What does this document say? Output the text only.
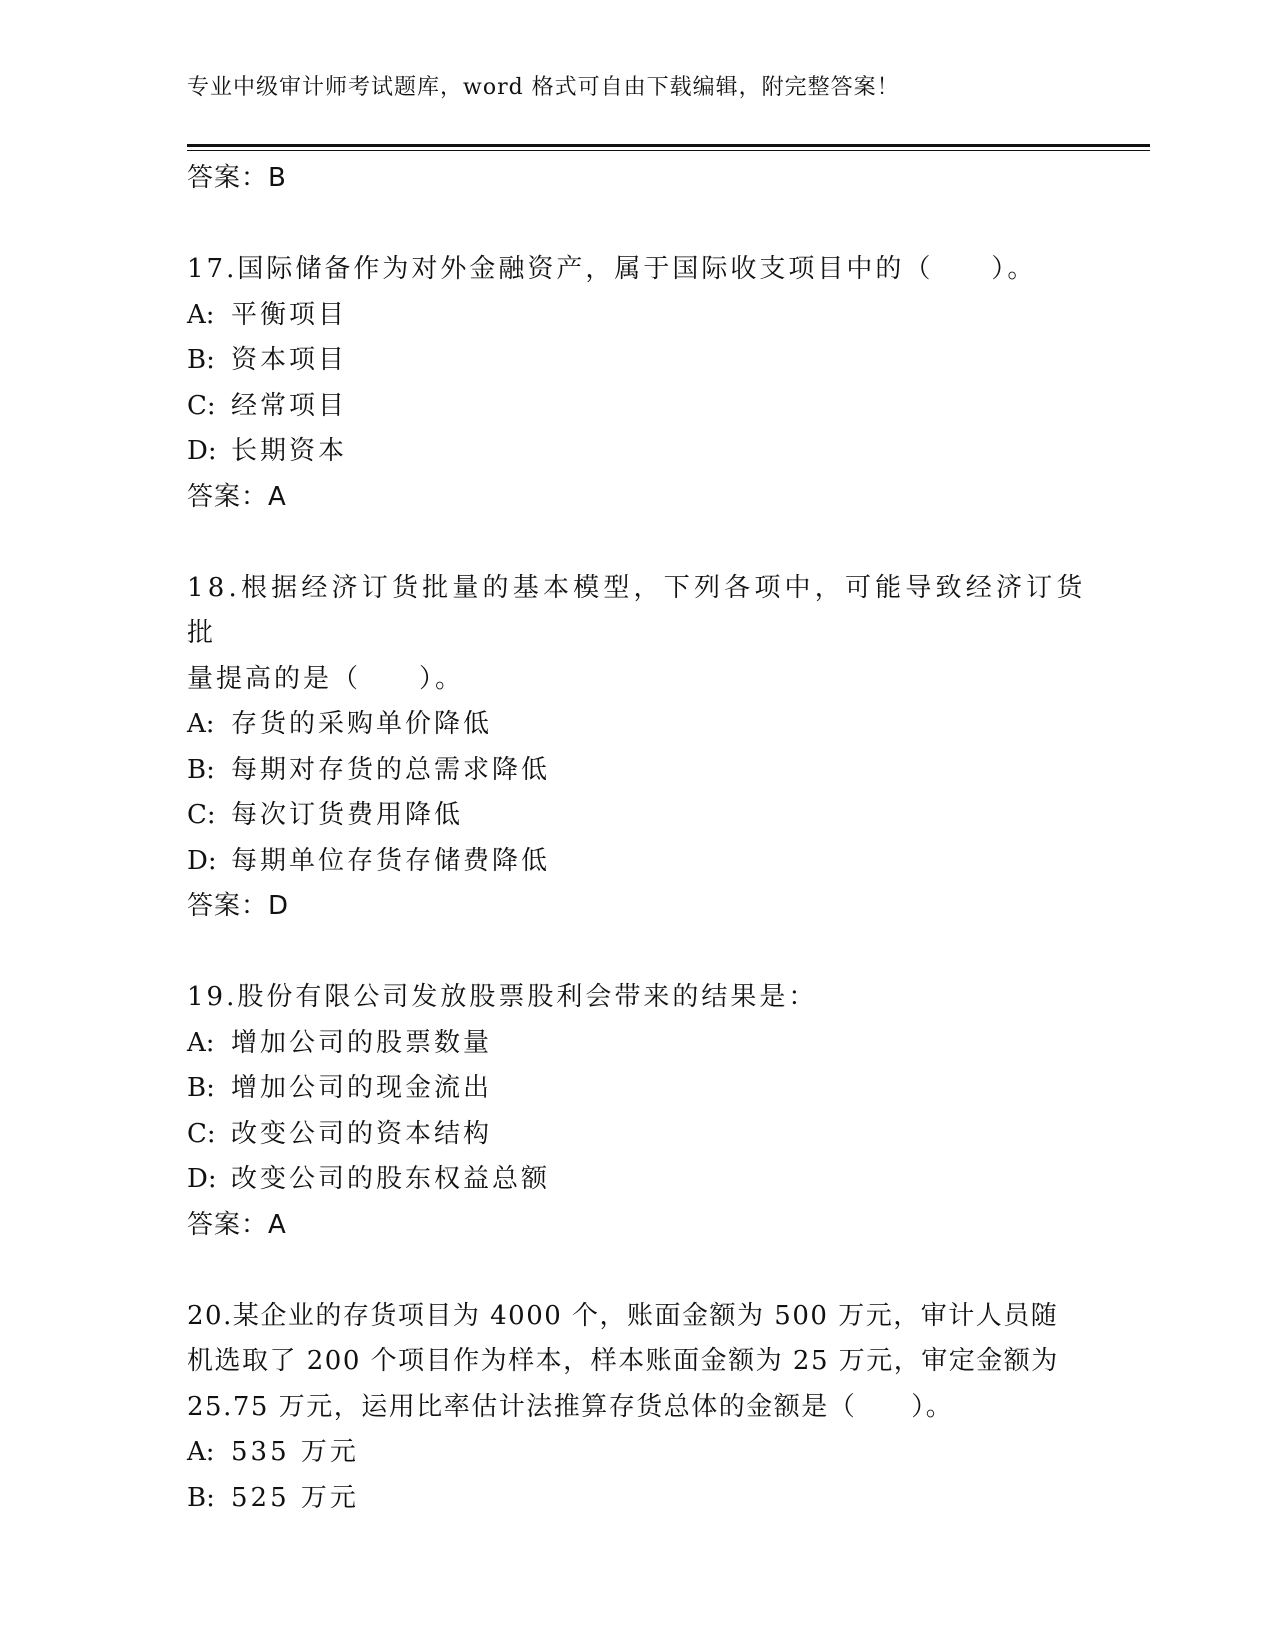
专业中级审计师考试题库，word 格式可自由下载编辑，附完整答案！
答案：B
17.国际储备作为对外金融资产，属于国际收支项目中的（　　）。
A: 平衡项目
B: 资本项目
C: 经常项目
D: 长期资本
答案：A
18.根据经济订货批量的基本模型，下列各项中，可能导致经济订货批
量提高的是（　　）。
A: 存货的采购单价降低
B: 每期对存货的总需求降低
C: 每次订货费用降低
D: 每期单位存货存储费降低
答案：D
19.股份有限公司发放股票股利会带来的结果是：
A: 增加公司的股票数量
B: 增加公司的现金流出
C: 改变公司的资本结构
D: 改变公司的股东权益总额
答案：A
20.某企业的存货项目为 4000 个，账面金额为 500 万元，审计人员随
机选取了 200 个项目作为样本，样本账面金额为 25 万元，审定金额为
25.75 万元，运用比率估计法推算存货总体的金额是（　　）。
A: 535 万元
B: 525 万元
